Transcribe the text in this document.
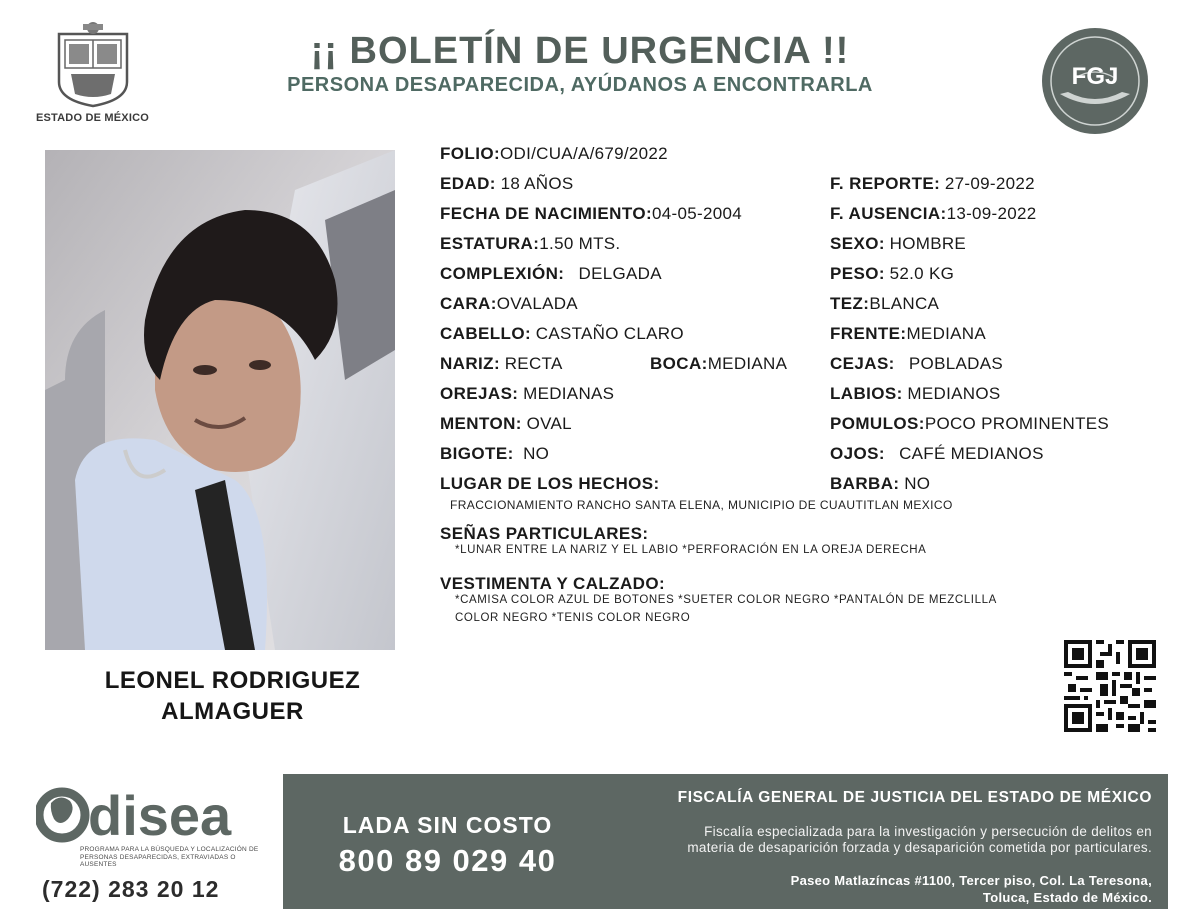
ESTADO DE MÉXICO
¡¡ BOLETÍN DE URGENCIA !!
PERSONA DESAPARECIDA, AYÚDANOS A ENCONTRARLA	FGJ
LEONEL RODRIGUEZ
ALMAGUER
FOLIO:ODI/CUA/A/679/2022
EDAD: 18 AÑOS
FECHA DE NACIMIENTO:04-05-2004
ESTATURA:1.50 MTS.
COMPLEXIÓN: DELGADA
CARA:OVALADA
CABELLO: CASTAÑO CLARO
NARIZ: RECTA	BOCA:MEDIANA
OREJAS: MEDIANAS
MENTON: OVAL
BIGOTE: NO
LUGAR DE LOS HECHOS:
FRACCIONAMIENTO RANCHO SANTA ELENA, MUNICIPIO DE CUAUTITLAN MEXICO
F. REPORTE: 27-09-2022
F. AUSENCIA:13-09-2022
SEXO: HOMBRE
PESO: 52.0 KG
TEZ:BLANCA
FRENTE:MEDIANA
CEJAS: POBLADAS
LABIOS: MEDIANOS
POMULOS:POCO PROMINENTES
OJOS: CAFÉ MEDIANOS
BARBA: NO
SEÑAS PARTICULARES:
*LUNAR ENTRE LA NARIZ Y EL LABIO *PERFORACIÓN EN LA OREJA DERECHA
VESTIMENTA Y CALZADO:
*CAMISA COLOR AZUL DE BOTONES *SUETER COLOR NEGRO *PANTALÓN DE MEZCLILLA
COLOR NEGRO *TENIS COLOR NEGRO
disea
PROGRAMA PARA LA BÚSQUEDA Y LOCALIZACIÓN DE PERSONAS DESAPARECIDAS, EXTRAVIADAS O AUSENTES
(722) 283 20 12
LADA SIN COSTO
800 89 029 40
FISCALÍA GENERAL DE JUSTICIA DEL ESTADO DE MÉXICO
Fiscalía especializada para la investigación y persecución de delitos en
materia de desaparición forzada y desaparición cometida por particulares.
Paseo Matlazíncas #1100, Tercer piso, Col. La Teresona,
Toluca, Estado de México.
